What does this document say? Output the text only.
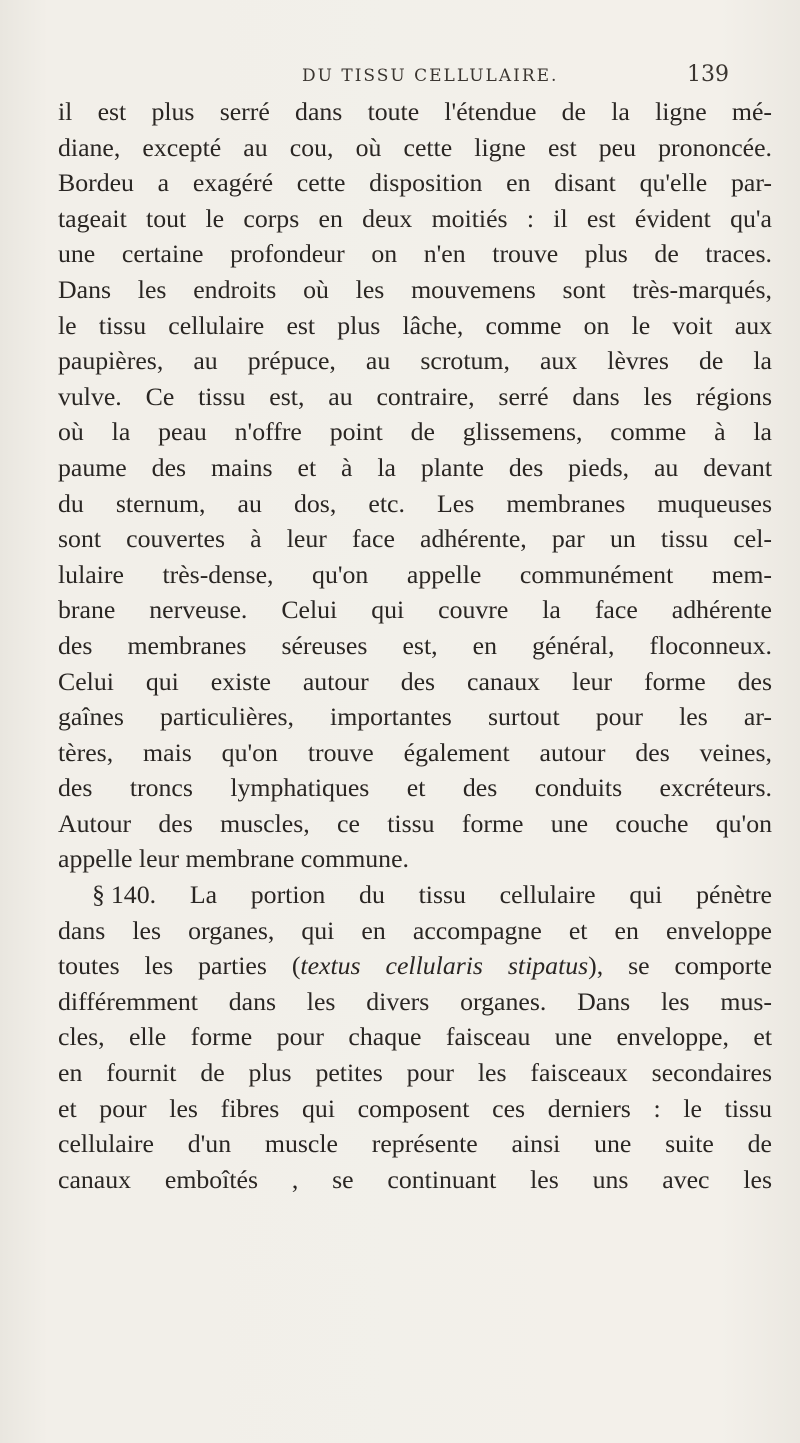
DU TISSU CELLULAIRE.	139
il est plus serré dans toute l'étendue de la ligne mé-
diane, excepté au cou, où cette ligne est peu prononcée.
Bordeu a exagéré cette disposition en disant qu'elle par-
tageait tout le corps en deux moitiés : il est évident qu'a
une certaine profondeur on n'en trouve plus de traces.
Dans les endroits où les mouvemens sont très-marqués,
le tissu cellulaire est plus lâche, comme on le voit aux
paupières, au prépuce, au scrotum, aux lèvres de la
vulve. Ce tissu est, au contraire, serré dans les régions
où la peau n'offre point de glissemens, comme à la
paume des mains et à la plante des pieds, au devant
du sternum, au dos, etc. Les membranes muqueuses
sont couvertes à leur face adhérente, par un tissu cel-
lulaire très-dense, qu'on appelle communément mem-
brane nerveuse. Celui qui couvre la face adhérente
des membranes séreuses est, en général, floconneux.
Celui qui existe autour des canaux leur forme des
gaînes particulières, importantes surtout pour les ar-
tères, mais qu'on trouve également autour des veines,
des troncs lymphatiques et des conduits excréteurs.
Autour des muscles, ce tissu forme une couche qu'on
appelle leur membrane commune.
§ 140. La portion du tissu cellulaire qui pénètre
dans les organes, qui en accompagne et en enveloppe
toutes les parties (textus cellularis stipatus), se comporte
différemment dans les divers organes. Dans les mus-
cles, elle forme pour chaque faisceau une enveloppe, et
en fournit de plus petites pour les faisceaux secondaires
et pour les fibres qui composent ces derniers : le tissu
cellulaire d'un muscle représente ainsi une suite de
canaux emboîtés , se continuant les uns avec les
